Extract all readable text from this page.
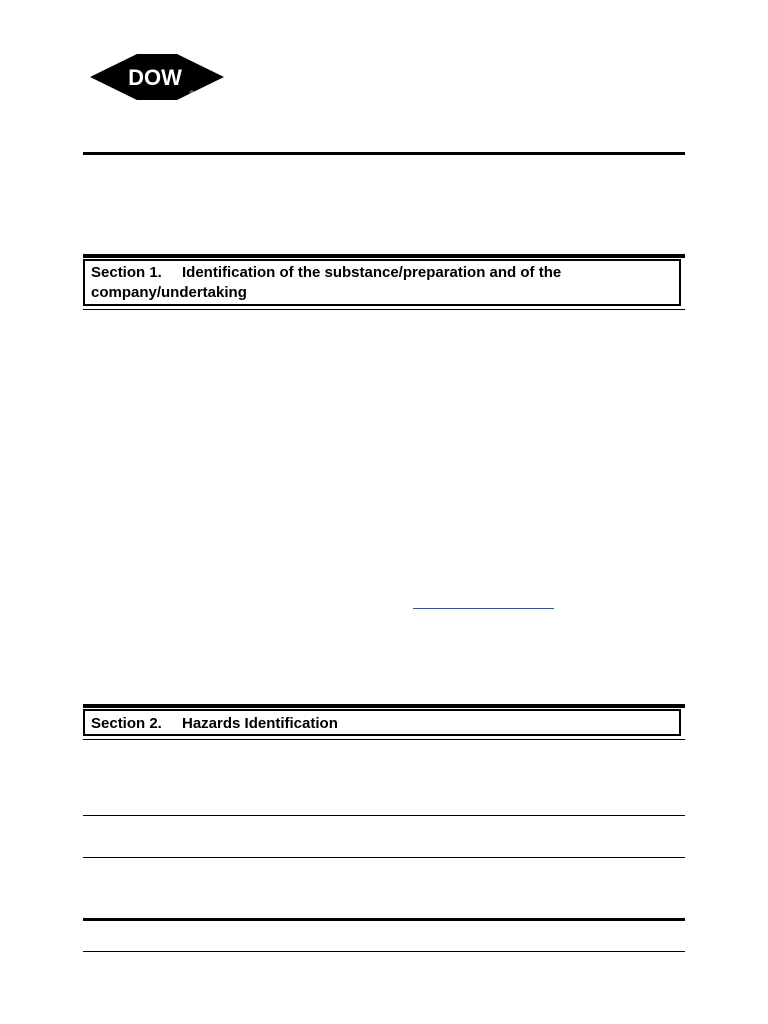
DOW
®
Section 1.	Identification of the substance/preparation and of the
company/undertaking
Section 2.	Hazards Identification
